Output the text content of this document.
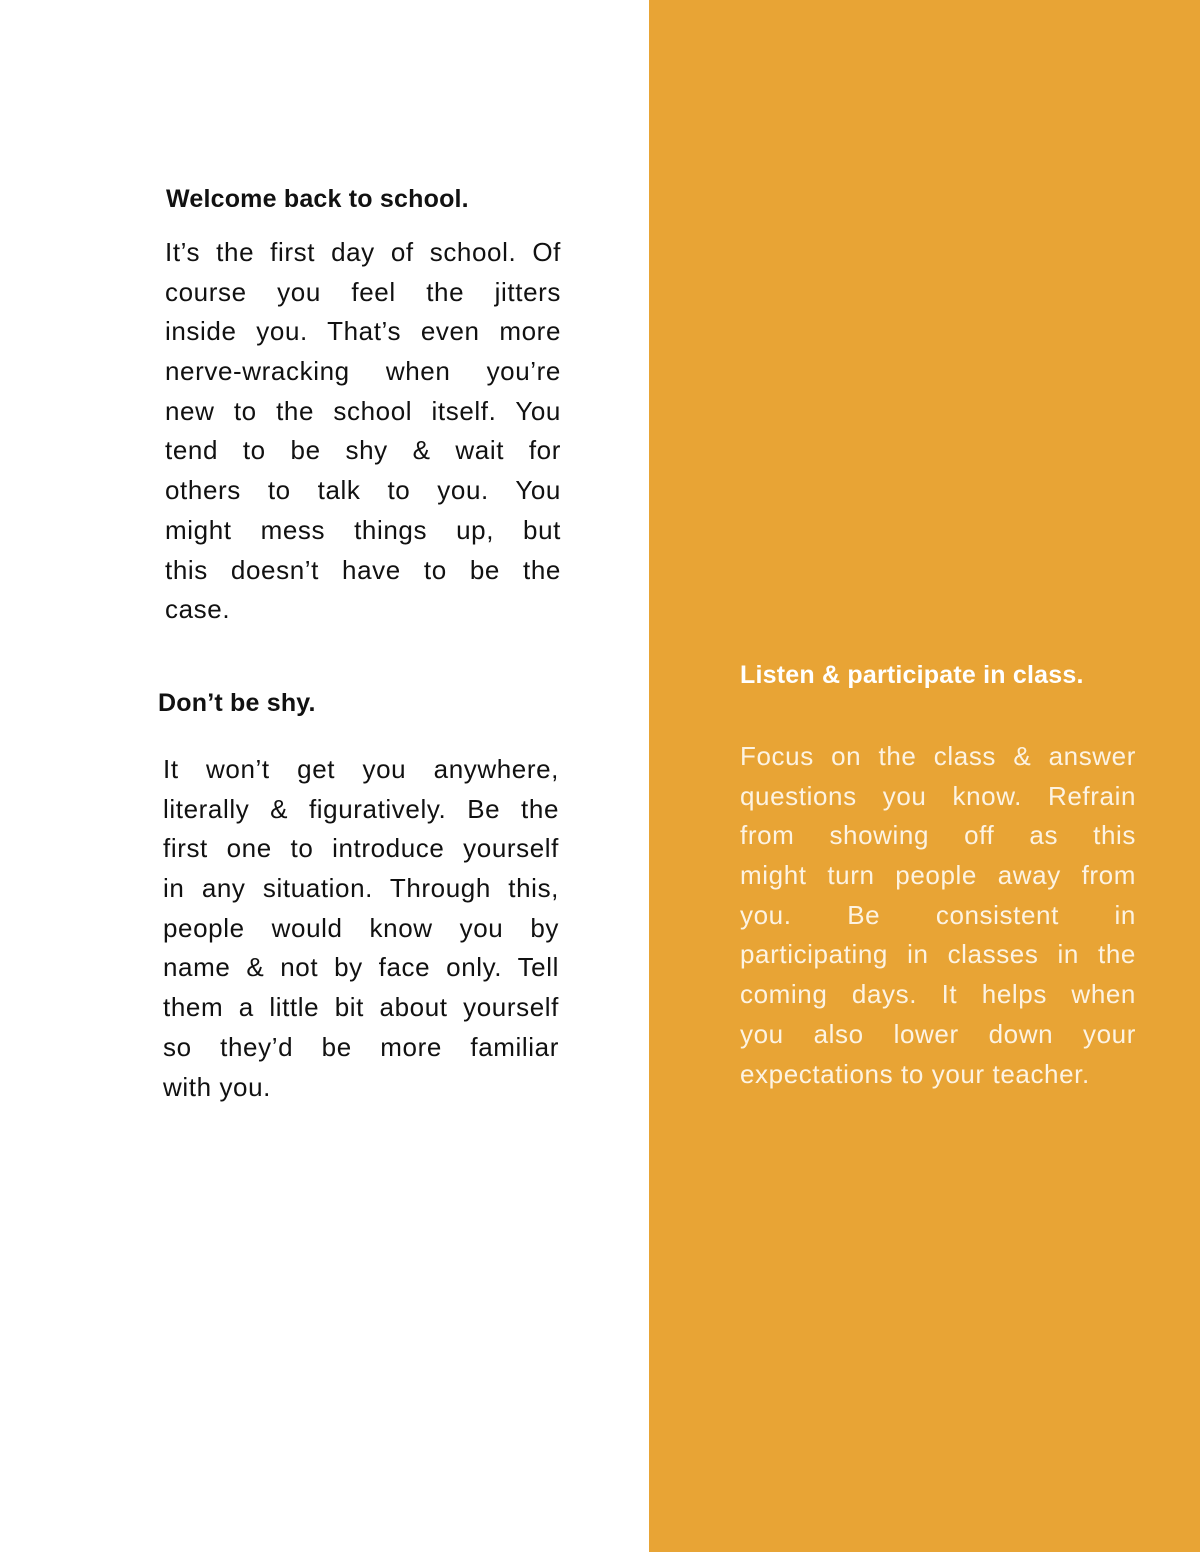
Welcome back to school.
It’s the first day of school. Of
course you feel the jitters
inside you. That’s even more
nerve-wracking when you’re
new to the school itself. You
tend to be shy & wait for
others to talk to you. You
might mess things up, but
this doesn’t have to be the
case.
Don’t be shy.
It won’t get you anywhere,
literally & figuratively. Be the
first one to introduce yourself
in any situation. Through this,
people would know you by
name & not by face only. Tell
them a little bit about yourself
so they’d be more familiar
with you.
Listen & participate in class.
Focus on the class & answer
questions you know. Refrain
from showing off as this
might turn people away from
you. Be consistent in
participating in classes in the
coming days. It helps when
you also lower down your
expectations to your teacher.
